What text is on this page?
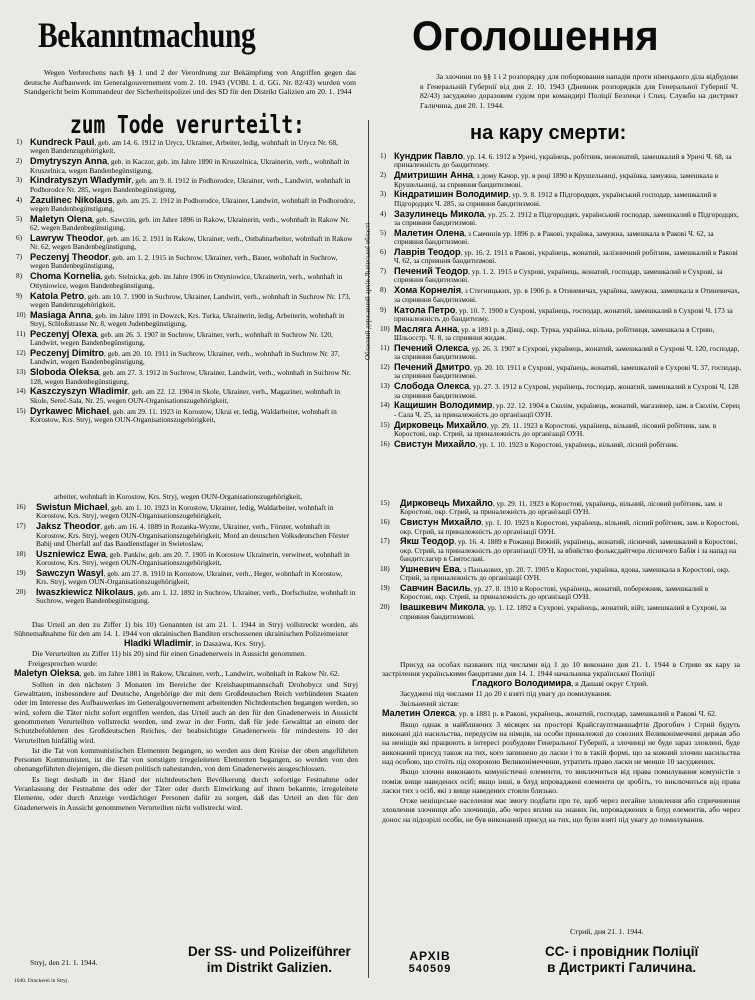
Обласний державний архів Львівської області
Bekanntmachung
Wegen Verbrechens nach §§ 1 und 2 der Verordnung zur Bekämpfung von Angriffen gegen das deutsche Aufbauwerk im Generalgouvernement vom 2. 10. 1943 (VOBl. I. d. GG. Nr. 82/43) wurden vom Standgericht beim Kommandeur der Sicherheitspolizei und des SD für den Distrikt Galizien am 20. 1. 1944
zum Tode verurteilt:
1) Kundreck Paul, geb. am 14. 6. 1912 in Urycz, Ukrainer, Arbeiter, ledig, wohnhaft in Urycz Nr. 68, wegen Bandenzugehörigkeit,
2) Dmytryszyn Anna, geb. in Kaczor, geb. im Jahre 1890 in Kruszelnica, Ukrainerin, verh., wohnhaft in Kruszelnica, wegen Bandenbegünstigung,
3) Kindratyszyn Wladymir, geb. am 9. 8. 1912 in Podhorodce, Ukrainer, verh., Landwirt, wohnhaft in Podhorodce Nr. 285, wegen Bandenbegünstigung,
4) Zazulinec Nikolaus, geb. am 25. 2. 1912 in Podhorodce, Ukrainer, Landwirt, wohnhaft in Podhorodce, wegen Bandenbegünstigung,
5) Maletyn Olena, geb. Sawczin, geb. im Jahre 1896 in Rakow, Ukrainerin, verh., wohnhaft in Rakow Nr. 62, wegen Bandenbegünstigung,
6) Lawryw Theodor, geb. am 16. 2. 1911 in Rakow, Ukrainer, verh., Ostbahnarbeiter, wohnhaft in Rakow Nr. 62, wegen Bandenbegünstigung,
7) Peczenyj Theodor, geb. am 1. 2. 1915 in Suchrow, Ukrainer, verh., Bauer, wohnhaft in Suchrow, wegen Bandenbegünstigung,
8) Choma Kornelia, geb. Stelnicka, geb. im Jahre 1906 in Ottyniowice, Ukrainerin, verh., wohnhaft in Ottyniowice, wegen Bandenbegünstigung,
9) Katola Petro, geb. am 10. 7. 1900 in Suchrow, Ukrainer, Landwirt, verh., wohnhaft in Suchrow Nr. 173, wegen Bandenzugehörigkeit,
10) Masiaga Anna, geb. im Jahre 1891 in Dowzck, Krs. Turka, Ukrainerin, ledig, Arbeiterin, wohnhaft in Stryj, Schloßstrasse Nr. 8, wegen Judenbegünstigung,
11) Peczenyj Olexa, geb. am 26. 3. 1907 in Suchrow, Ukrainer, verh., wohnhaft in Suchrow Nr. 120, Landwirt, wegen Bandenbegünstigung,
12) Peczenyj Dimitro, geb. am 20. 10. 1911 in Suchrow, Ukrainer, verh., wohnhaft in Suchrow Nr. 37, Landwirt, wegen Bandenbegünstigung,
13) Sloboda Oleksa, geb. am 27. 3. 1912 in Suchrow, Ukrainer, Landwirt, verh., wohnhaft in Suchrow Nr. 128, wegen Bandenbegünstigung,
14) Kaszczyszyn Wladimir, geb. am 22. 12. 1904 in Skole, Ukrainer, verh., Magaziner, wohnhaft in Skole, Sereć-Sala, Nr. 25, wegen OUN-Organisationszugehörigkeit,
15) Dyrkawec Michael, geb. am 29. 11. 1923 in Korostow, Ukrai er, ledig, Waldarbeiter, wohnhaft in Korostow, Krs. Stryj, wegen OUN-Organisationszugehörigkeit,
arbeiter, wohnhaft in Korostow, Krs. Stryj, wegen OUN-Organisationszugehörigkeit,
16) Swistun Michael, geb. am 1. 10. 1923 in Korostow, Ukrainer, ledig, Waldarbeiter, wohnhaft in Korostow, Krs. Stryj, wegen OUN-Organisationszugehörigkeit,
17) Jaksz Theodor, geb. am 16. 4. 1889 in Rozanka-Wyzne, Ukrainer, verh., Förster, wohnhaft in Korostow, Krs. Stryj, wegen OUN-Organisationszugehörigkeit, Mord an deutschen Volksdeutschen Förster Babij und Überfall auf das Baudienstlager in Swietoslaw,
18) Uszniewicz Ewa, geb. Pankiw, geb. am 20. 7. 1905 in Korostow Ukrainerin, verwitwet, wohnhaft in Korostow, Krs. Stryj, wegen OUN-Organisationszugehörigkeit,
19) Sawczyn Wasyl, geb. am 27. 8. 1910 in Korostow, Ukrainer, verh., Heger, wohnhaft in Korostow, Krs. Stryj, wegen OUN-Organisationszugehörigkeit,
20) Iwaszkiewicz Nikolaus, geb. am 1. 12. 1892 in Suchrow, Ukrainer, verh., Dorfschulze, wohnhaft in Suchrow, wegen Bandenbegünstigung.

Das Urteil an den zu Ziffer 1) bis 10) Genannten ist am 21. 1. 1944 in Stryj vollstreckt worden, als Sühnemaßnahme für den am 14. 1. 1944 von ukrainischen Banditen erschossenen ukrainischen Polizeimeister
Hladki Wladimir, in Daszawa, Krs. Stryj.

Die Verurteilten zu Ziffer 11) bis 20) sind für einen Gnadenerweis in Aussicht genommen.

Freigesprochen wurde:

Maletyn Oleksa, geb. im Jahre 1881 in Rakow, Ukrainer, verh., Landwirt, wohnhaft in Rakow Nr. 62.

Sollten in den nächsten 3 Monaten im Bereiche der Kreishauptmannschaft Drohobycz und Stryj Gewalttaten, insbesondere auf Deutsche, Angehörige der mit dem Großdeutschen Reich verbündeten Staaten oder im Interesse des Aufbauwerkes im Generalgouvernement arbeitenden Nichtdeutschen begangen werden, so wird, sofern die Täter nicht sofort ergriffen werden, das Urteil auch an den für den Gnadenerweis in Aussicht genommenen Verurteilten vollstreckt werden, und zwar in der Form, daß für jede Gewalttat an einem der Schutzbefohlenen des Großdeutschen Reiches, der beabsichtigte Gnadenerweis für mindestens 10 der Verurteilten hinfällig wird.

Ist die Tat von kommunistischen Elementen begangen, so werden aus dem Kreise der oben angeführten Personen Kommunisten, ist die Tat von sonstigen irregeleiteten Elementen begangen, so werden von den obenangeführten diejenigen, die diesen politisch nahestanden, von dem Gnadenerweis ausgeschlossen.

Es liegt deshalb in der Hand der nichtdeutschen Bevölkerung durch sofortige Festnahme oder Veranlassung der Festnahme des oder der Täter oder durch Einwirkung auf ihnen bekannte, irregeleitete Elemente, oder durch Anzeige verdächtiger Personen dafür zu sorgen, daß das Urteil an den für den Gnadenerweis in Aussicht genommenen Verurteilten nicht vollstreckt wird.

Stryj, den 21. 1. 1944.
Der SS- und Polizeiführer
im Distrikt Galizien.
1040. Druckerei in Stryj.
Оголошення
За злочини по §§ 1 і 2 розпорядку для поборювання нападів проти німецького діла відбудови в Генеральній Губернії від дня 2. 10. 1943 (Дневник розпорядків для Генеральної Губернії Ч. 82/43) засуджено доразовим судом при командирі Поліції Безпеки і Спец. Служби на дистрикт Галичина, дня 20. 1. 1944.
на кару смерти:
1) Кундрик Павло, ур. 14. 6. 1912 в Уричі, українець, робітник, нежонатий, замешкалий в Уричі Ч. 68, за приналежність до бандитизму.
2) Дмитришин Анна, з дому Качор, ур. в році 1890 в Крушельниці, українка, замужна, замешкала в Крушельниці, за сприяння бандитизмові.
3) Кіндратишин Володимир, ур. 9. 8. 1912 в Підгородцях, український господар, замешкалий в Підгородцях Ч. 285, за сприяння бандитизмові.
4) Зазулинець Микола, ур. 25. 2. 1912 в Підгородцях, український господар, замешкалий в Підгородцях, за сприяння бандитизмові.
5) Малетин Олена, з Савчинів ур. 1896 р. в Ракові, українка, замужна, замешкала в Ракові Ч. 62, за сприяння бандитизмові.
6) Лаврів Теодор, ур. 16. 2. 1911 в Ракові, українець, жонатий, залізничний робітник, замешкалий в Ракові Ч. 62, за сприяння бандитизмові.
7) Печений Теодор, ур. 1. 2. 1915 в Сухрові, українець, жонатий, господар, замешкалий в Сухрові, за сприяння бандитизмові.
8) Хома Корнелія, з Стегницьких, ур. в 1906 р. в Отиневичах, українка, замужна, замешкала в Отиневичах, за сприяння бандитизмові.
9) Катола Петро, ур. 10. 7. 1900 в Сухрові, українець, господар, жонатий, замешкалий в Сухрові Ч. 173 за приналежність до бандитизму.
10) Масляга Анна, ур. в 1891 р. в Дівці, окр. Турка, українка, вільна, робітниця, замешкала в Стрию, Шльосстр. Ч. 8, за сприяння жидам.
11) Печений Олекса, ур. 26. 3. 1907 в Сухрові, українець, жонатий, замешкалий в Сухрові Ч. 120, господар, за сприяння бандитизмові.
12) Печений Дмитро, ур. 20. 10. 1911 в Сухрові, українець, жонатий, замешкалий в Сухрові Ч. 37, господар, за сприяння бандитизмові.
13) Слобода Олекса, ур. 27. 3. 1912 в Сухрові, українець, господар, жонатий, замешкалий в Сухрові Ч. 128 за сприяння бандитизмові.
14) Кащишин Володимир, ур. 22. 12. 1904 в Сколім, українець, жонатий, магазинер, зам. в Сколім, Серец - Сала Ч. 25, за приналежність до організації ОУН.
15) Дирковець Михайло, ур. 29. 11. 1923 в Коростові, українець, вільний, лісовий робітник, зам. в Коростові, окр. Стрий, за приналежність до організації ОУН.
16) Свистун Михайло, ур. 1. 10. 1923 в Коростові, українець, вільний, лісний робітник.
15) Дирковець Михайло, ур. 29. 11. 1923 в Коростові, українець, вільний, лісовий робітник, зам. в Коростові, окр. Стрий, за приналежність до організації ОУН.
16) Свистун Михайло, ур. 1. 10. 1923 в Коростові, українець, вільний, лісний робітник, зам. в Коростові, окр. Стрий, за приналежність до організації ОУН.
17) Якш Теодор, ур. 16. 4. 1889 в Рожанці Вижній, українець, жонатий, лісничий, замешкалий в Коростові, окр. Стрий, за приналежність до організації ОУН, за вбийство фольксдайтчера лісничого Бабія і за напад на бандитслагер в Святославі.
18) Ушневич Ева, з Панькових, ур. 20. 7. 1905 в Коростові, українка, вдова, замешкала в Коростові, окр. Стрий, за приналежність до організації ОУН.
19) Савчин Василь, ур. 27. 8. 1910 в Коростові, українець, жонатий, побережник, замешкалий в Коростові, окр. Стрий, за приналежність до організації ОУН.
20) Івашкевич Микола, ур. 1. 12. 1892 в Сухрові, українець, жонатий, війт, замешкалий в Сухрові, за сприяння бандитизмові.

Присуд на особах названих під числами від 1 до 10 виконано дня 21. 1. 1944 в Стрию як кару за застрілення українськими бандитами дня 14. 1. 1944 начальника української Поліції
Гладкого Володимира, в Дашаві округ Стрий.

Засуджені під числами 11 до 20 є взяті під увагу до помилування.

Звільнений зістав:

Малетин Олекса, ур. в 1881 р. в Ракові, українець, жонатий, господар, замешкалий в Ракові Ч. 62.

Якщо однак в найближчих 3 місяцях на просторі Крайсгауптманшафтів Дрогобич і Стрий будуть виконані діл насильства, передусім на німців, на особи приналежні до союзних Великонімеччині держав або на неніщів які працюють в інтересі розбудови Генеральної Губернії, а злочинці не буде зараз зловлені, буде виконаний присуд також на тих, кого запишено до ласки і то в такій формі, що за кожний злочин насильства над особою, що стоїть під охороною Великонімеччини, утратить право ласки не менше 10 засуджених.

Якщо злочин виконають комуністичні елементи, то виключиться від права помилування комуністів з поміж вище наведених осіб; якщо інші, в блуд впроваджені елементи це зробіть, то виключиться від права ласки тих з осіб, які з вище наведених стояли близько.

Отже неніщеське населення має змогу подбати про те, щоб через негайне зловлення або спричинення зловлення злочинця або злочинців, або через вплив на знаних їм, впроваджених в блуд елементів, або через донос на підозрілі особи, не був виконаний присуд на тих, що були взяті під увагу до помилування.

Стрий, дня 21. 1. 1944.
АРХІВ
540509
СС- і провідник Поліції
в Дистрикті Галичина.
